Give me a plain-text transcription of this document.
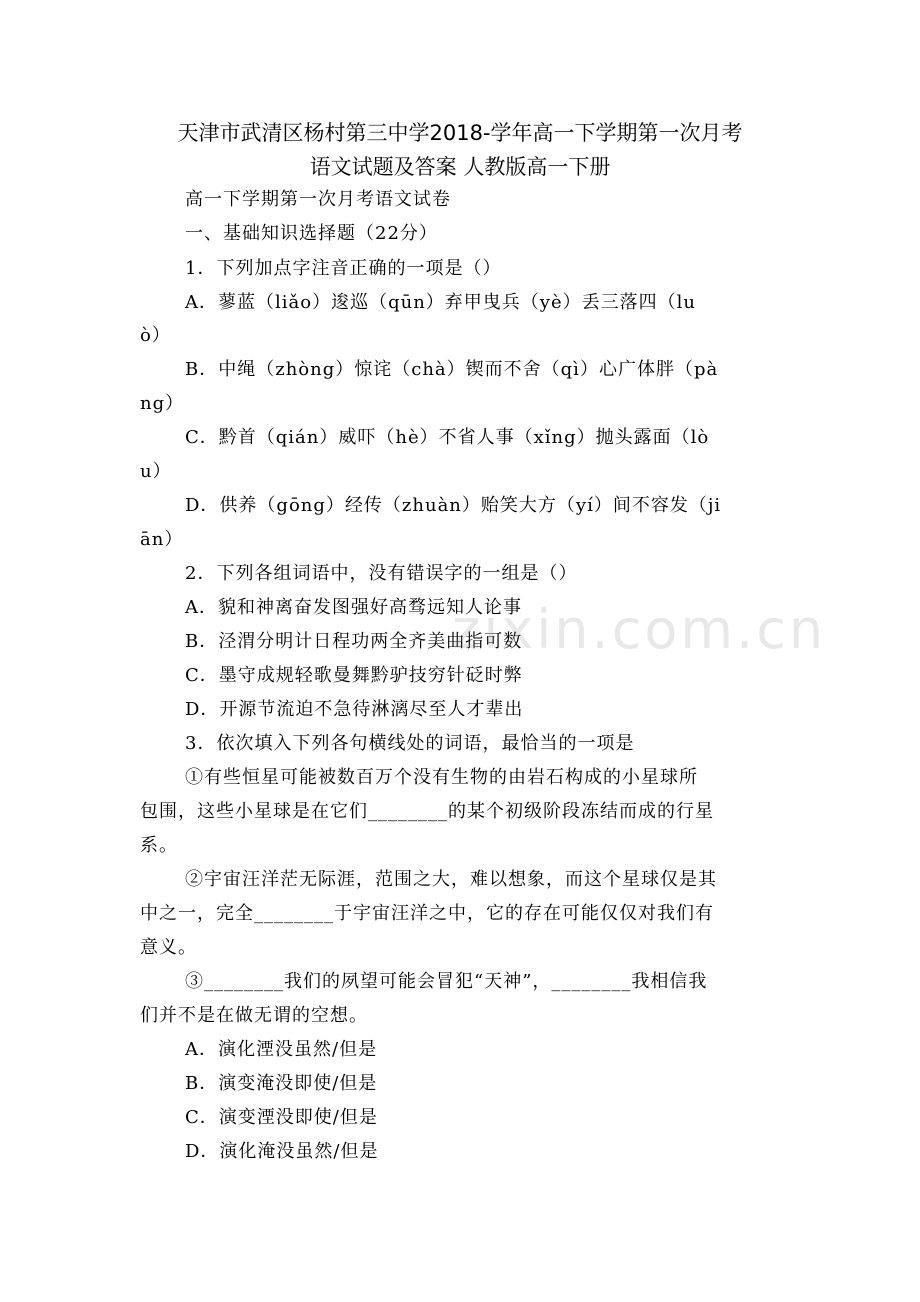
天津市武清区杨村第三中学2018-学年高一下学期第一次月考
语文试题及答案 人教版高一下册
高一下学期第一次月考语文试卷
一、基础知识选择题（22分）
1．下列加点字注音正确的一项是（）
A．蓼蓝（liǎo）逡巡（qūn）弃甲曳兵（yè）丢三落四（lu
ò）
B．中绳（zhòng）惊诧（chà）锲而不舍（qì）心广体胖（pà
ng）
C．黔首（qián）威吓（hè）不省人事（xǐng）抛头露面（lò
u）
D．供养（gōng）经传（zhuàn）贻笑大方（yí）间不容发（ji
ān）
2．下列各组词语中，没有错误字的一组是（）
A．貌和神离奋发图强好高骛远知人论事
B．泾渭分明计日程功两全齐美曲指可数
C．墨守成规轻歌曼舞黔驴技穷针砭时弊
D．开源节流迫不急待淋漓尽至人才辈出
3．依次填入下列各句横线处的词语，最恰当的一项是
①有些恒星可能被数百万个没有生物的由岩石构成的小星球所
包围，这些小星球是在它们________的某个初级阶段冻结而成的行星
系。
②宇宙汪洋茫无际涯，范围之大，难以想象，而这个星球仅是其
中之一，完全________于宇宙汪洋之中，它的存在可能仅仅对我们有
意义。
③________我们的夙望可能会冒犯“天神”，________我相信我
们并不是在做无谓的空想。
A．演化湮没虽然/但是
B．演变淹没即使/但是
C．演变湮没即使/但是
D．演化淹没虽然/但是
zixin.com.cn
